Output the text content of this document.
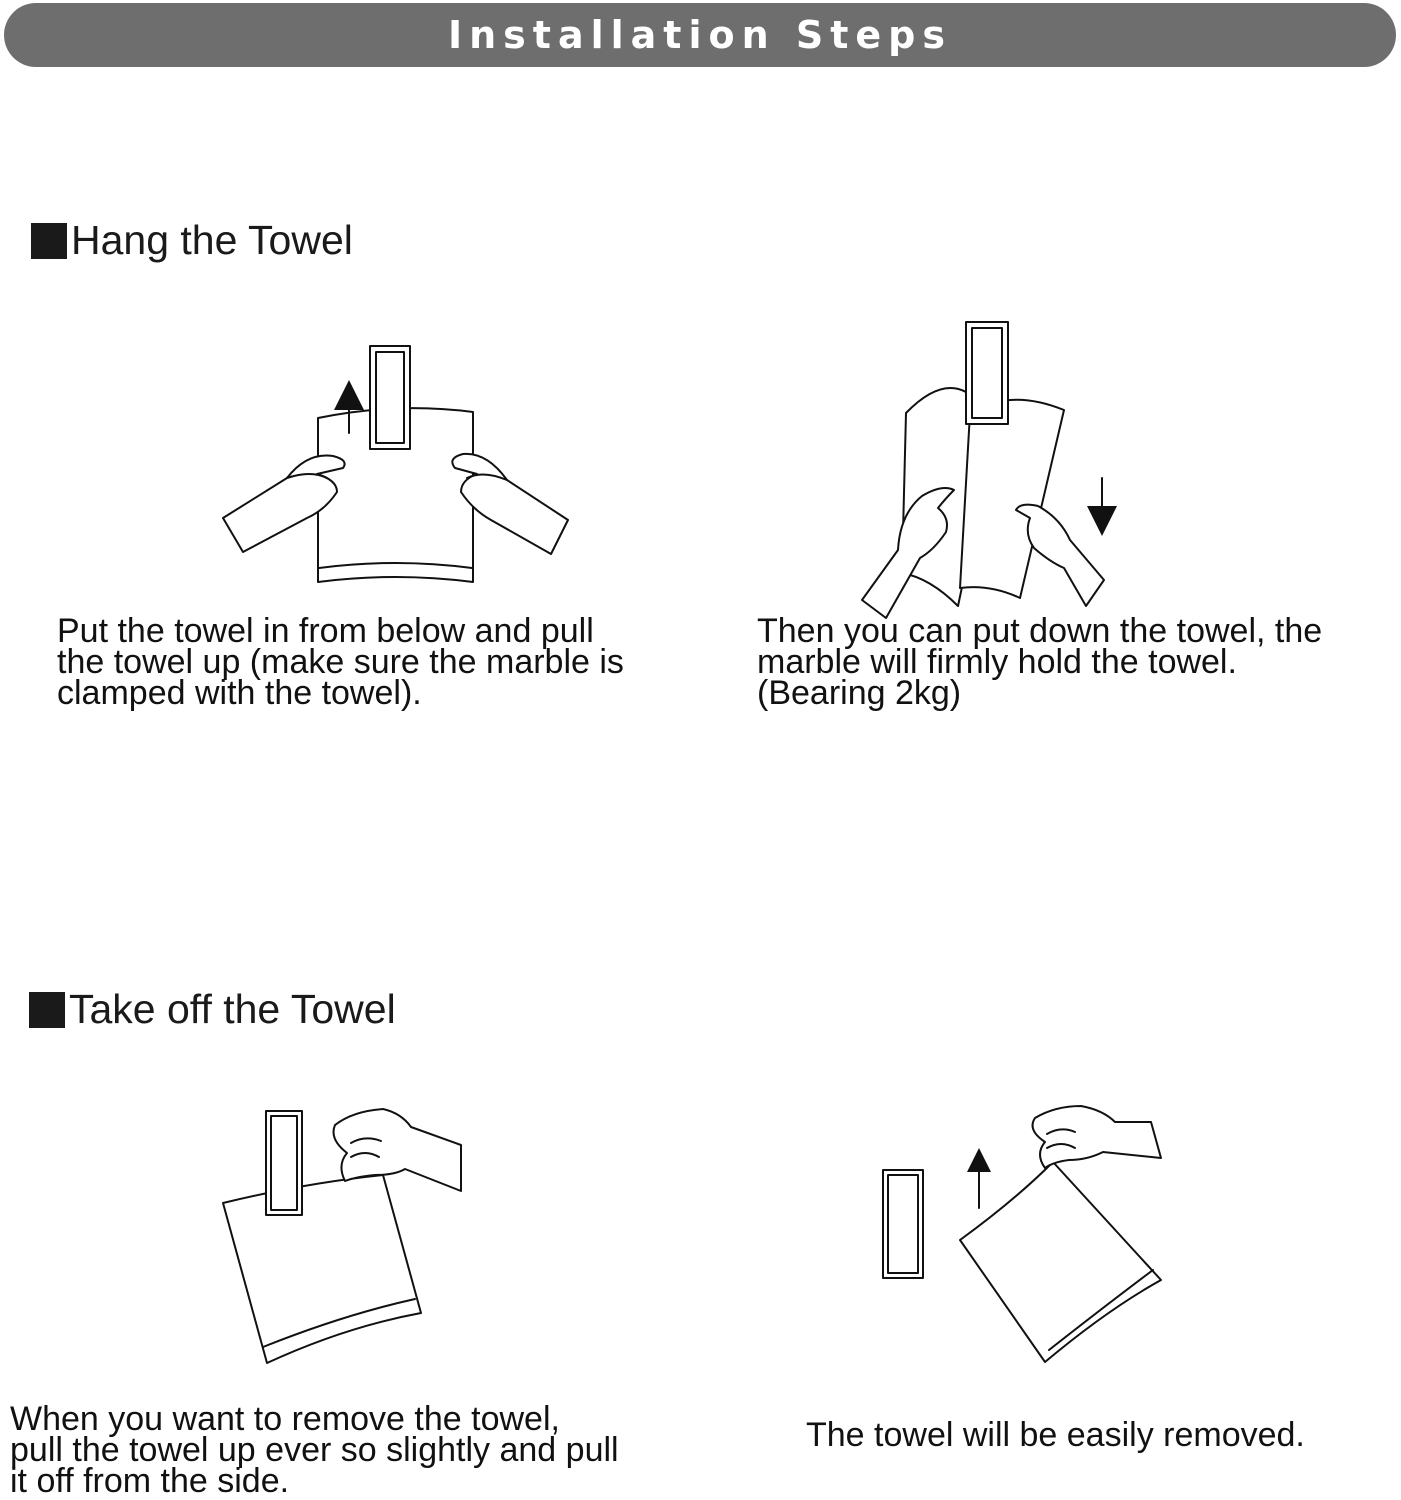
Installation Steps
Hang the Towel
Put the towel in from below and pull
the towel up (make sure the marble is
clamped with the towel).
Then you can put down the towel, the
marble will firmly hold the towel.
(Bearing 2kg)
Take off the Towel
When you want to remove the towel,
pull the towel up ever so slightly and pull
it off from the side.
The towel will be easily removed.
